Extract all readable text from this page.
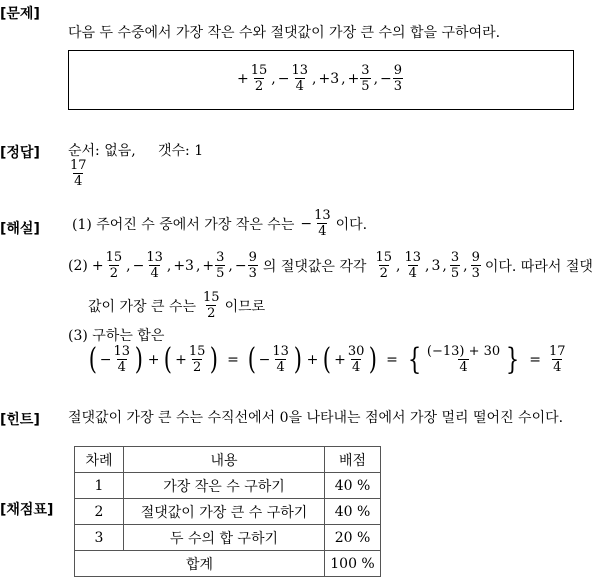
[문제]
다음 두 수중에서 가장 작은 수와 절댓값이 가장 큰 수의 합을 구하여라.
+ $\frac{15}{2}$ , − $\frac{13}{4}$ , +3 , + $\frac{3}{5}$ , − $\frac{9}{3}$
[정답] 순서: 없음, 갯수: 1
$\frac{17}{4}$
[해설] (1) 주어진 수 중에서 가장 작은 수는 − $\frac{13}{4}$ 이다.
$(2) + \frac{15}{2}$ , − $\frac{13}{4}$ , +3 , + $\frac{3}{5}$ , − $\frac{9}{3}$ 의 절댓값은 각각 $\frac{15}{2}$ , $\frac{13}{4}$ , 3 , $\frac{3}{5}$ , $\frac{9}{3}$ 이다. 따라서 절댓
값이 가장 큰 수는 $\frac{15}{2}$ 이므로
(3) 구하는 합은
( − $\frac{13}{4}$ ) + ( + $\frac{15}{2}$ ) = ( − $\frac{13}{4}$ ) + ( + $\frac{30}{4}$ ) = { $\frac{(-13) + 30}{4}$ } = $\frac{17}{4}$
[힌트] 절댓값이 가장 큰 수는 수직선에서 0을 나타내는 점에서 가장 멀리 떨어진 수이다.
[채점표]
차례	내용	배점
1	가장 작은 수 구하기	40 %
2	절댓값이 가장 큰 수 구하기	40 %
3	두 수의 합 구하기	20 %
합계		100 %
